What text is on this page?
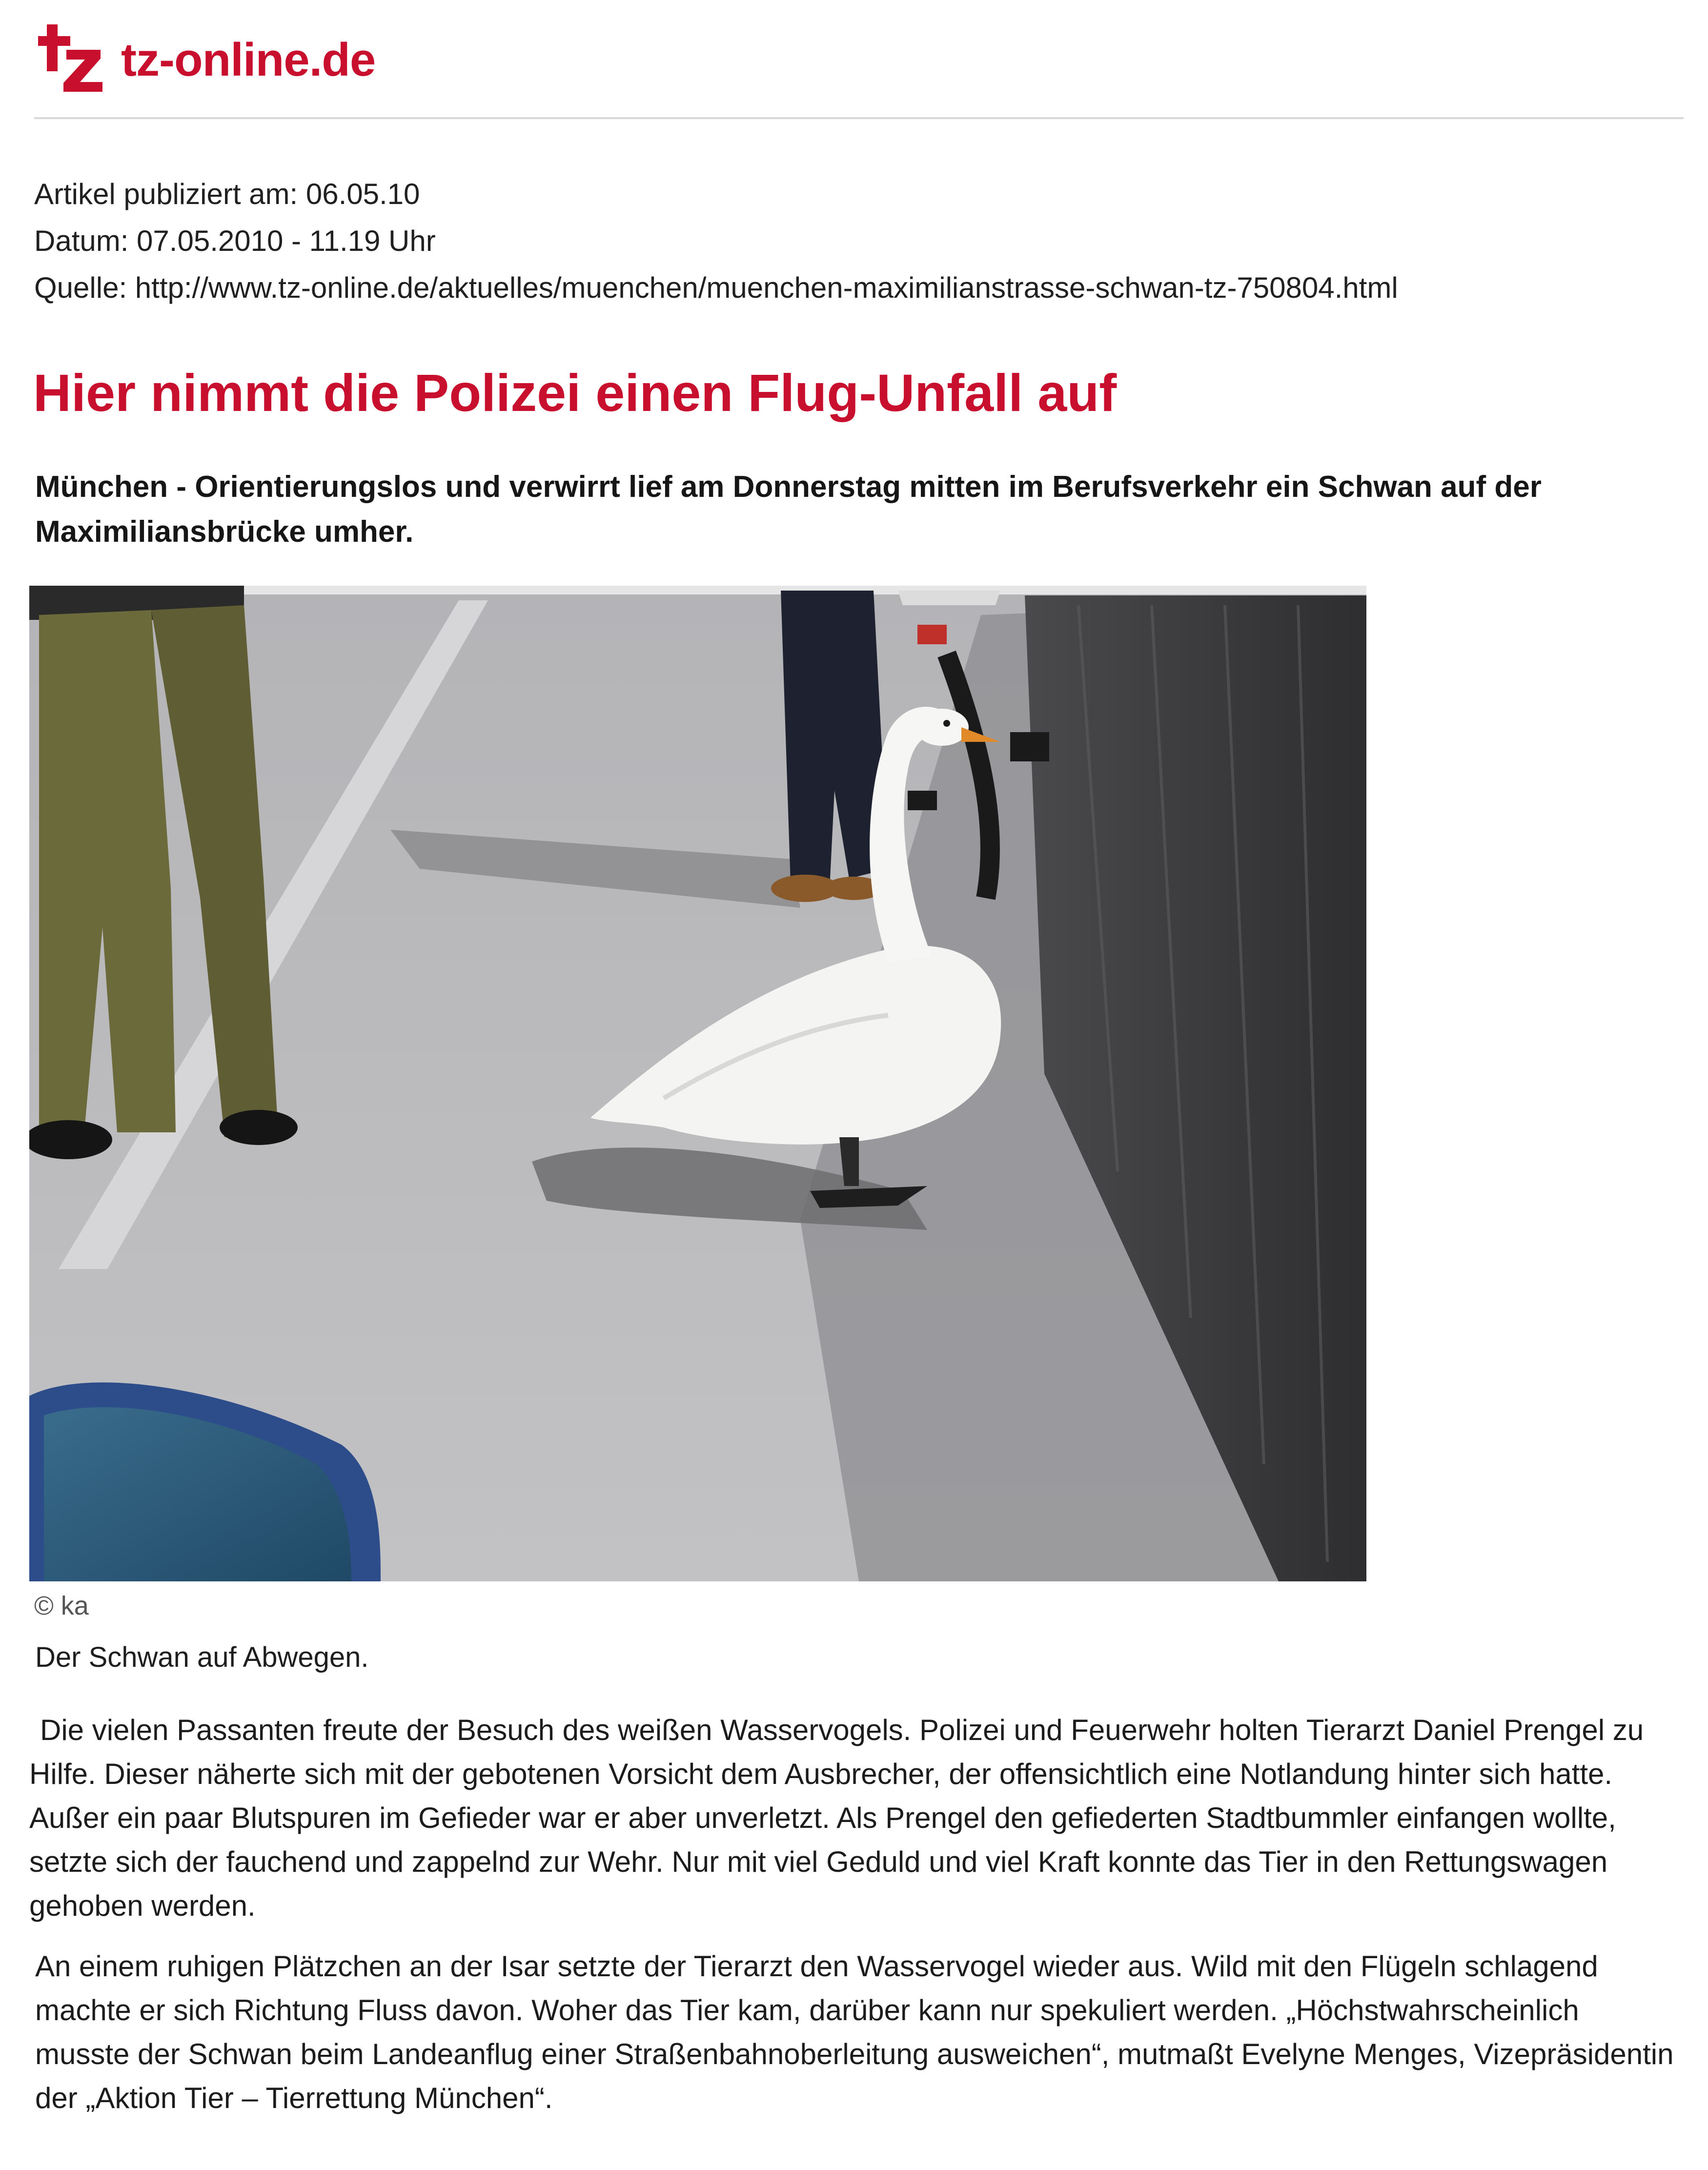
tz-online.de
Artikel publiziert am: 06.05.10
Datum: 07.05.2010 - 11.19 Uhr
Quelle: http://www.tz-online.de/aktuelles/muenchen/muenchen-maximilianstrasse-schwan-tz-750804.html
Hier nimmt die Polizei einen Flug-Unfall auf
München - Orientierungslos und verwirrt lief am Donnerstag mitten im Berufsverkehr ein Schwan auf der Maximiliansbrücke umher.
© ka
Der Schwan auf Abwegen.
Die vielen Passanten freute der Besuch des weißen Wasservogels. Polizei und Feuerwehr holten Tierarzt Daniel Prengel zu Hilfe. Dieser näherte sich mit der gebotenen Vorsicht dem Ausbrecher, der offensichtlich eine Notlandung hinter sich hatte. Außer ein paar Blutspuren im Gefieder war er aber unverletzt. Als Prengel den gefiederten Stadtbummler einfangen wollte, setzte sich der fauchend und zappelnd zur Wehr. Nur mit viel Geduld und viel Kraft konnte das Tier in den Rettungswagen gehoben werden.
An einem ruhigen Plätzchen an der Isar setzte der Tierarzt den Wasservogel wieder aus. Wild mit den Flügeln schlagend machte er sich Richtung Fluss davon. Woher das Tier kam, darüber kann nur spekuliert werden. „Höchstwahrscheinlich musste der Schwan beim Landeanflug einer Straßenbahnoberleitung ausweichen“, mutmaßt Evelyne Menges, Vizepräsidentin der „Aktion Tier – Tierrettung München“.
